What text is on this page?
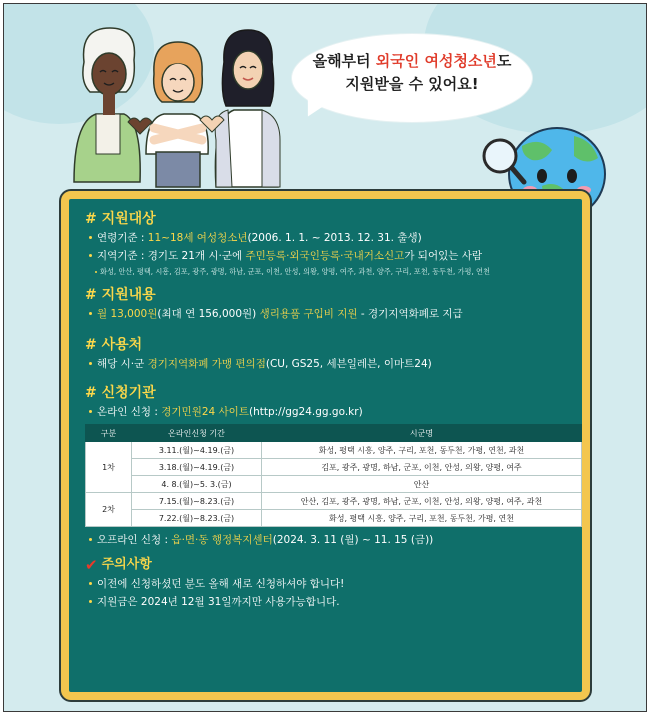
올해부터 외국인 여성청소년도
지원받을 수 있어요!
# 지원대상
연령기준 : 11~18세 여성청소년(2006. 1. 1. ~ 2013. 12. 31. 출생)
지역기준 : 경기도 21개 시·군에 주민등록·외국인등록·국내거소신고가 되어있는 사람
화성, 안산, 평택, 시흥, 김포, 광주, 광명, 하남, 군포, 이천, 안성, 의왕, 양평, 여주, 과천, 양주, 구리, 포천, 동두천, 가평, 연천
# 지원내용
월 13,000원(최대 연 156,000원) 생리용품 구입비 지원 - 경기지역화폐로 지급
# 사용처
해당 시·군 경기지역화폐 가맹 편의점(CU, GS25, 세븐일레븐, 이마트24)
# 신청기관
온라인 신청 : 경기민원24 사이트(http://gg24.gg.go.kr)
구분	온라인신청 기간	시군명
1차	3.11.(월)~4.19.(금)	화성, 평택 시흥, 양주, 구리, 포천, 동두천, 가평, 연천, 과천
	3.18.(월)~4.19.(금)	김포, 광주, 광명, 하남, 군포, 이천, 안성, 의왕, 양평, 여주
	4. 8.(월)~5. 3.(금)	안산
2차	7.15.(월)~8.23.(금)	안산, 김포, 광주, 광명, 하남, 군포, 이천, 안성, 의왕, 양평, 여주, 과천
	7.22.(월)~8.23.(금)	화성, 평택 시흥, 양주, 구리, 포천, 동두천, 가평, 연천
오프라인 신청 : 읍·면·동 행정복지센터(2024. 3. 11 (월) ~ 11. 15 (금))
✔ 주의사항
이전에 신청하셨던 분도 올해 새로 신청하셔야 합니다!
지원금은 2024년 12월 31일까지만 사용가능합니다.
